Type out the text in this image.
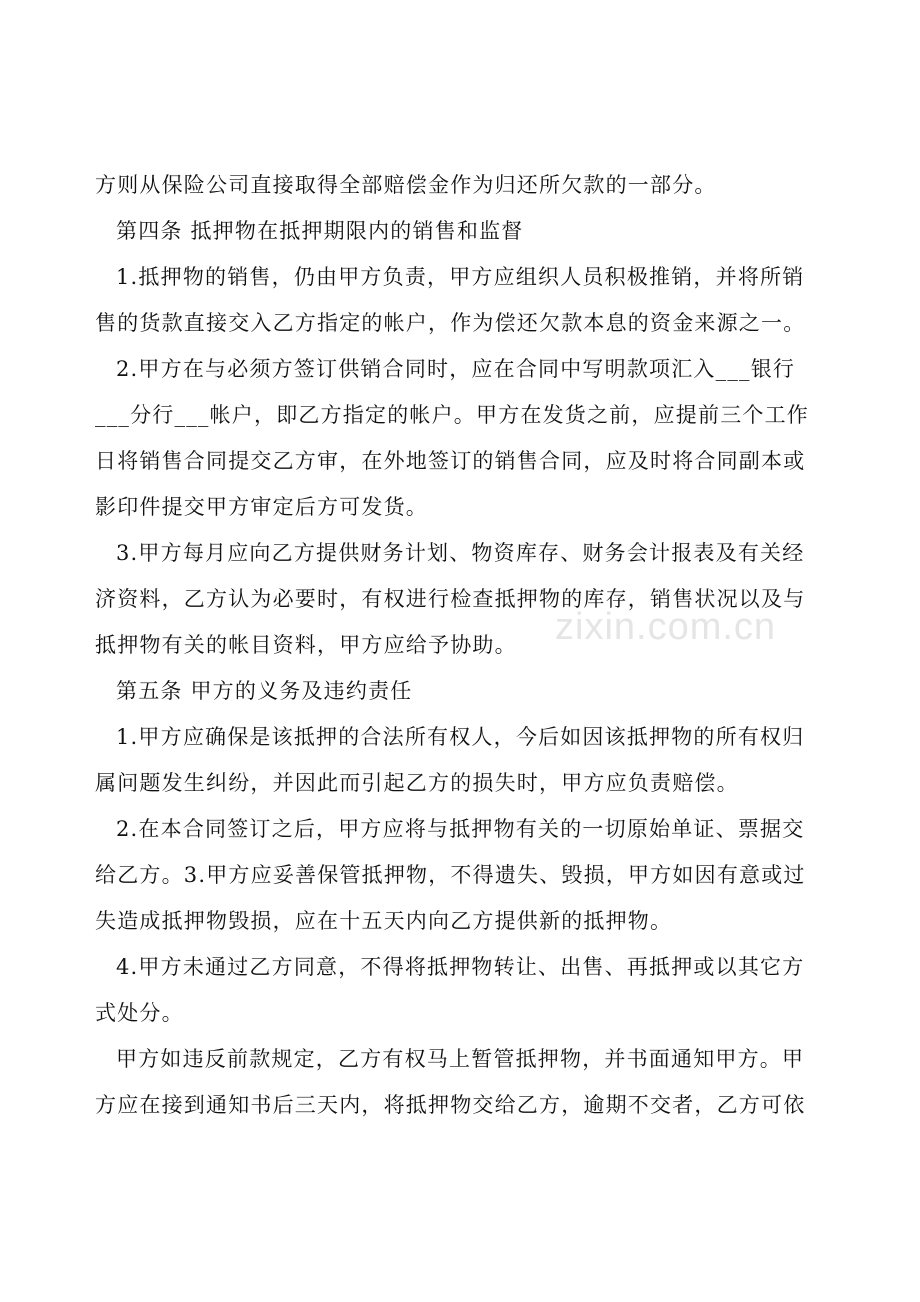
方则从保险公司直接取得全部赔偿金作为归还所欠款的一部分。
第四条 抵押物在抵押期限内的销售和监督
1.抵押物的销售，仍由甲方负责，甲方应组织人员积极推销，并将所销
售的货款直接交入乙方指定的帐户，作为偿还欠款本息的资金来源之一。
2.甲方在与必须方签订供销合同时，应在合同中写明款项汇入___银行
___分行___帐户，即乙方指定的帐户。甲方在发货之前，应提前三个工作
日将销售合同提交乙方审，在外地签订的销售合同，应及时将合同副本或
影印件提交甲方审定后方可发货。
3.甲方每月应向乙方提供财务计划、物资库存、财务会计报表及有关经
济资料，乙方认为必要时，有权进行检查抵押物的库存，销售状况以及与
抵押物有关的帐目资料，甲方应给予协助。
第五条 甲方的义务及违约责任
1.甲方应确保是该抵押的合法所有权人，今后如因该抵押物的所有权归
属问题发生纠纷，并因此而引起乙方的损失时，甲方应负责赔偿。
2.在本合同签订之后，甲方应将与抵押物有关的一切原始单证、票据交
给乙方。3.甲方应妥善保管抵押物，不得遗失、毁损，甲方如因有意或过
失造成抵押物毁损，应在十五天内向乙方提供新的抵押物。
4.甲方未通过乙方同意，不得将抵押物转让、出售、再抵押或以其它方
式处分。
甲方如违反前款规定，乙方有权马上暂管抵押物，并书面通知甲方。甲
方应在接到通知书后三天内，将抵押物交给乙方，逾期不交者，乙方可依
zixin.com.cn
